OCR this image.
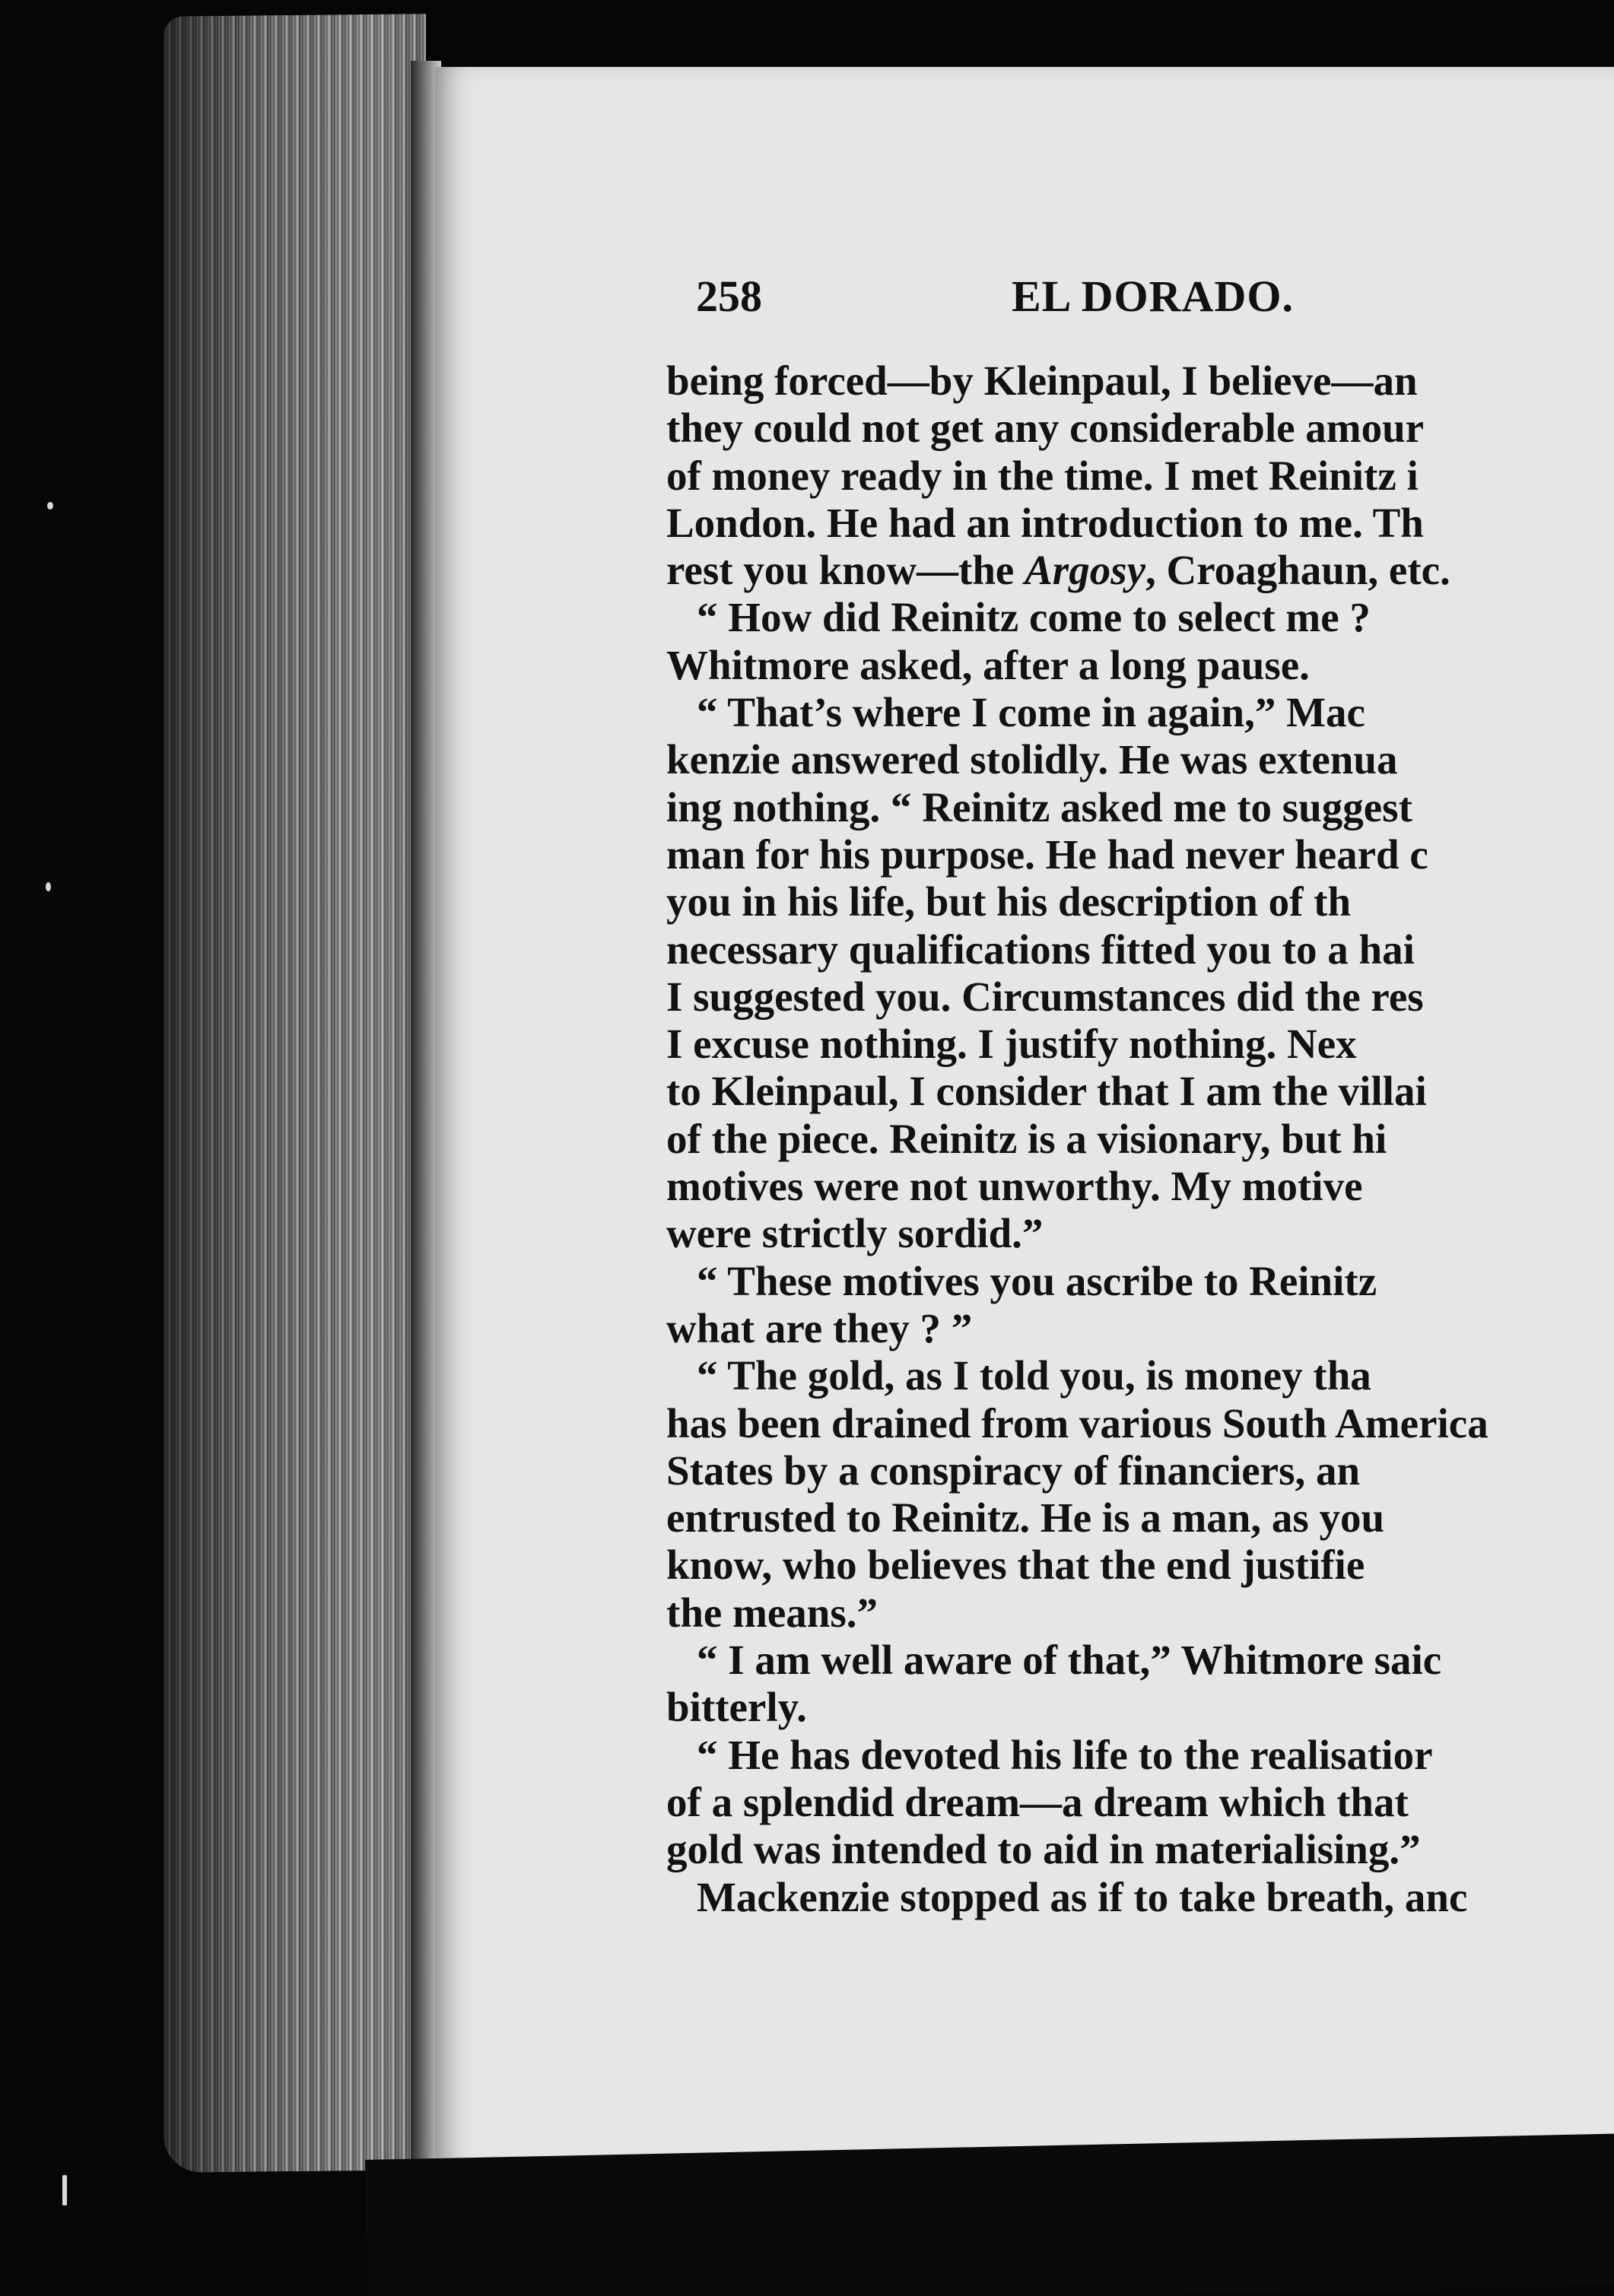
258	EL DORADO.
being forced—by Kleinpaul, I believe—an
they could not get any considerable amour
of money ready in the time. I met Reinitz i
London. He had an introduction to me. Th
rest you know—the Argosy, Croaghaun, etc.
“ How did Reinitz come to select me ?
Whitmore asked, after a long pause.
“ That’s where I come in again,” Mac
kenzie answered stolidly. He was extenua
ing nothing. “ Reinitz asked me to suggest
man for his purpose. He had never heard c
you in his life, but his description of th
necessary qualifications fitted you to a hai
I suggested you. Circumstances did the res
I excuse nothing. I justify nothing. Nex
to Kleinpaul, I consider that I am the villai
of the piece. Reinitz is a visionary, but hi
motives were not unworthy. My motive
were strictly sordid.”
“ These motives you ascribe to Reinitz
what are they ? ”
“ The gold, as I told you, is money tha
has been drained from various South America
States by a conspiracy of financiers, an
entrusted to Reinitz. He is a man, as you
know, who believes that the end justifie
the means.”
“ I am well aware of that,” Whitmore saic
bitterly.
“ He has devoted his life to the realisatior
of a splendid dream—a dream which that
gold was intended to aid in materialising.”
Mackenzie stopped as if to take breath, anc
